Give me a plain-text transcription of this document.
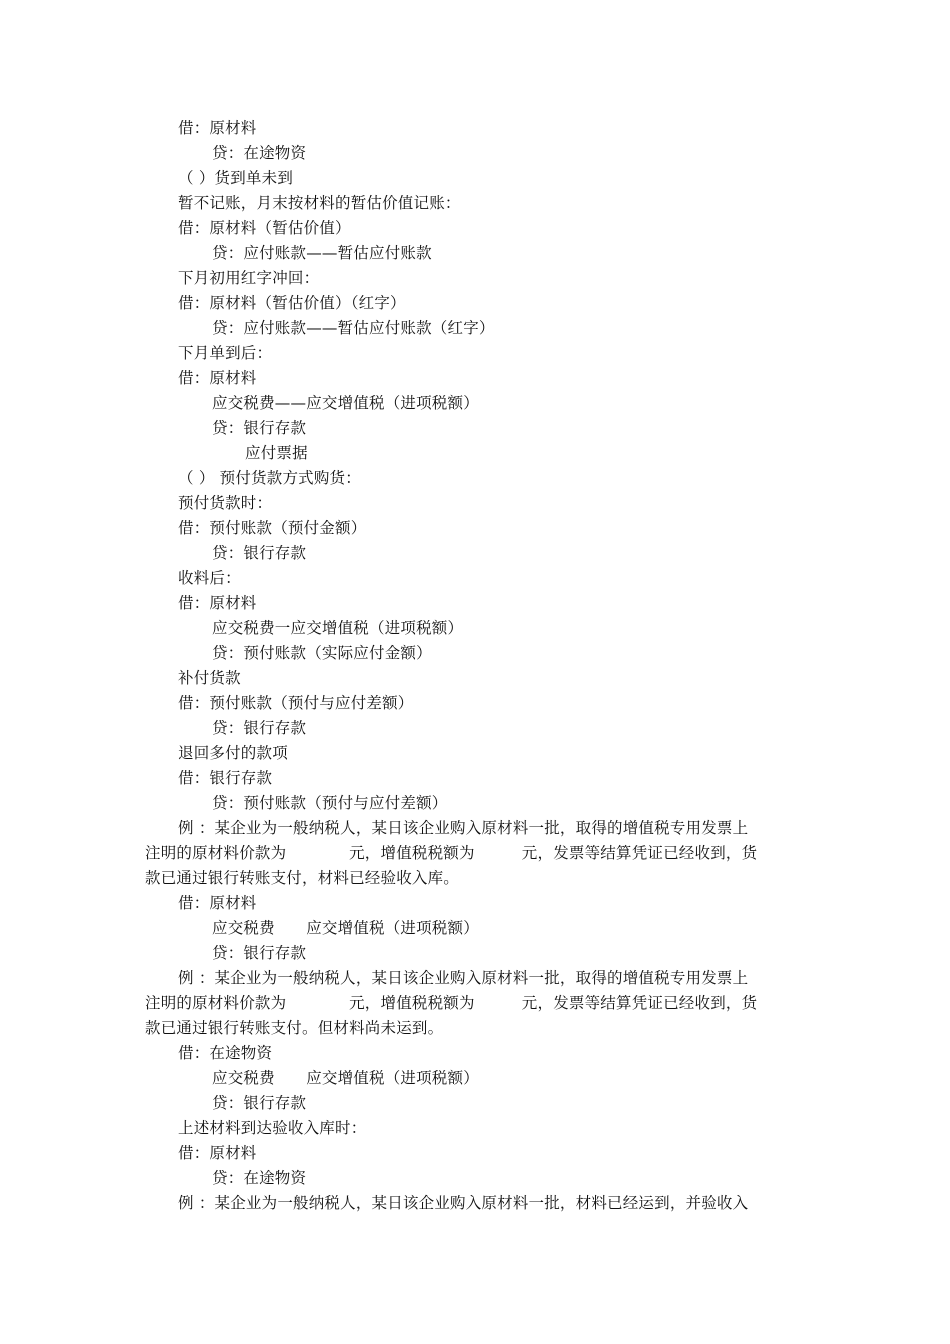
借：原材料
贷：在途物资
（ ）货到单未到
暂不记账，月末按材料的暂估价值记账：
借：原材料（暂估价值）
贷：应付账款——暂估应付账款
下月初用红字冲回：
借：原材料（暂估价值）（红字）
贷：应付账款——暂估应付账款（红字）
下月单到后：
借：原材料
应交税费——应交增值税（进项税额）
贷：银行存款
应付票据
（ ） 预付货款方式购货：
预付货款时：
借：预付账款（预付金额）
贷：银行存款
收料后：
借：原材料
应交税费一应交增值税（进项税额）
贷：预付账款（实际应付金额）
补付货款
借：预付账款（预付与应付差额）
贷：银行存款
退回多付的款项
借：银行存款
贷：预付账款（预付与应付差额）
例 ：某企业为一般纳税人，某日该企业购入原材料一批，取得的增值税专用发票上
注明的原材料价款为　　　　元，增值税税额为　　　元，发票等结算凭证已经收到，货
款已通过银行转账支付，材料已经验收入库。
借：原材料
应交税费　　应交增值税（进项税额）
贷：银行存款
例 ：某企业为一般纳税人，某日该企业购入原材料一批，取得的增值税专用发票上
注明的原材料价款为　　　　元，增值税税额为　　　元，发票等结算凭证已经收到，货
款已通过银行转账支付。但材料尚未运到。
借：在途物资
应交税费　　应交增值税（进项税额）
贷：银行存款
上述材料到达验收入库时：
借：原材料
贷：在途物资
例 ：某企业为一般纳税人，某日该企业购入原材料一批，材料已经运到，并验收入
